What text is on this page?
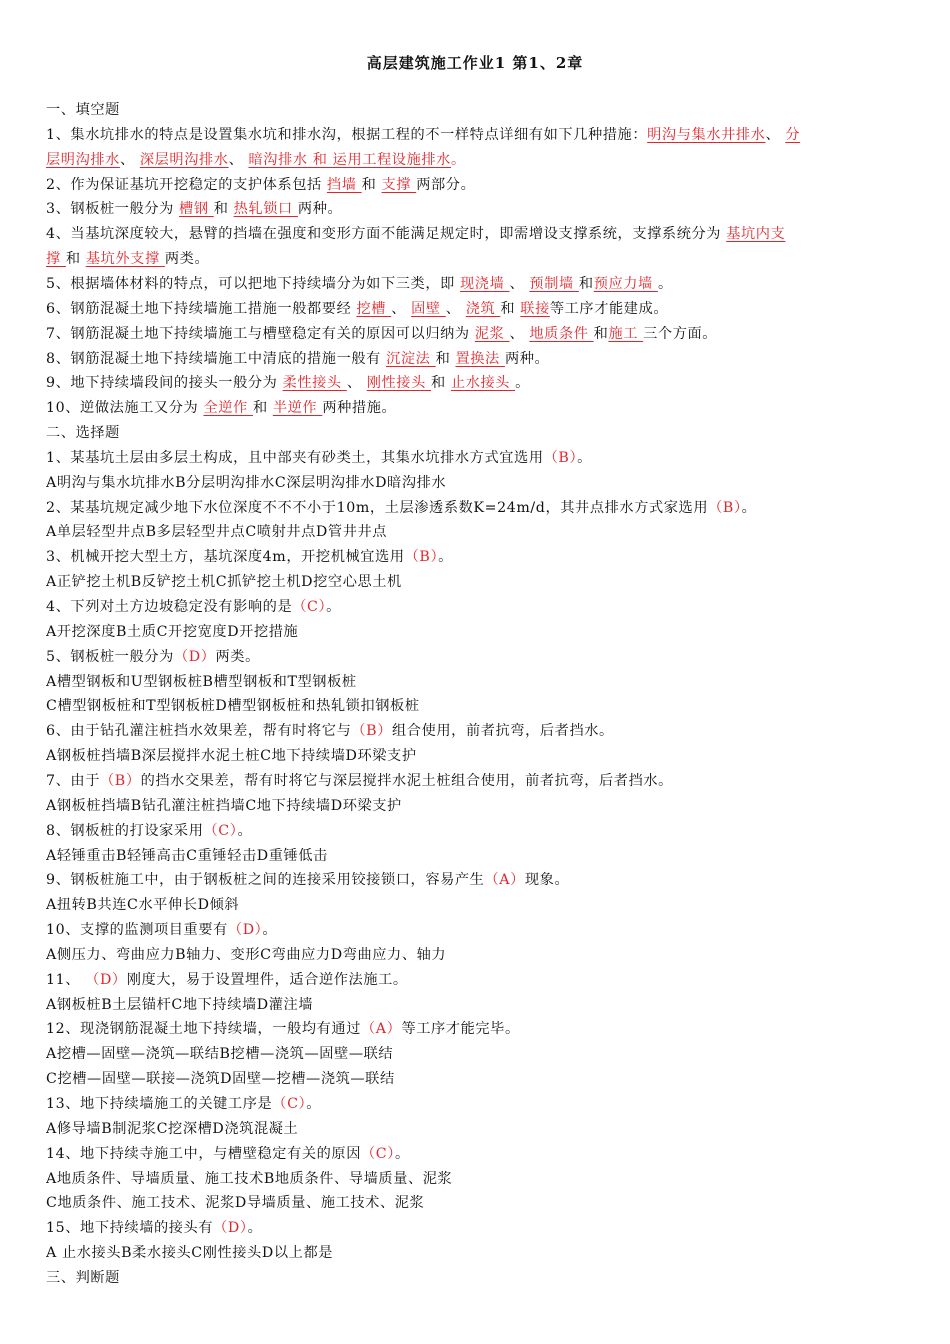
高层建筑施工作业1 第1、2章
一、填空题
1、集水坑排水的特点是设置集水坑和排水沟，根据工程的不一样特点详细有如下几种措施：明沟与集水井排水、 分
层明沟排水、 深层明沟排水、 暗沟排水 和 运用工程设施排水。
2、作为保证基坑开挖稳定的支护体系包括 挡墙 和 支撑 两部分。
3、钢板桩一般分为 槽钢 和 热轧锁口 两种。
4、当基坑深度较大，悬臂的挡墙在强度和变形方面不能满足规定时，即需增设支撑系统，支撑系统分为 基坑内支
撑 和 基坑外支撑 两类。
5、根据墙体材料的特点，可以把地下持续墙分为如下三类，即 现浇墙 、 预制墙 和预应力墙 。
6、钢筋混凝土地下持续墙施工措施一般都要经 挖槽 、 固壁 、 浇筑 和 联接等工序才能建成。
7、钢筋混凝土地下持续墙施工与槽壁稳定有关的原因可以归纳为 泥浆 、 地质条件 和施工 三个方面。
8、钢筋混凝土地下持续墙施工中清底的措施一般有 沉淀法 和 置换法 两种。
9、地下持续墙段间的接头一般分为 柔性接头 、 刚性接头 和 止水接头 。
10、逆做法施工又分为 全逆作 和 半逆作 两种措施。
二、选择题
1、某基坑土层由多层土构成，且中部夹有砂类土，其集水坑排水方式宜选用（B）。
A明沟与集水坑排水B分层明沟排水C深层明沟排水D暗沟排水
2、某基坑规定减少地下水位深度不不不小于10m，土层渗透系数K=24m/d，其井点排水方式家选用（B）。
A单层轻型井点B多层轻型井点C喷射井点D管井井点
3、机械开挖大型土方，基坑深度4m，开挖机械宜选用（B）。
A正铲挖土机B反铲挖土机C抓铲挖土机D挖空心思土机
4、下列对土方边坡稳定没有影响的是（C）。
A开挖深度B土质C开挖宽度D开挖措施
5、钢板桩一般分为（D）两类。
A槽型钢板和U型钢板桩B槽型钢板和T型钢板桩
C槽型钢板桩和T型钢板桩D槽型钢板桩和热轧锁扣钢板桩
6、由于钻孔灌注桩挡水效果差，帮有时将它与（B）组合使用，前者抗弯，后者挡水。
A钢板桩挡墙B深层搅拌水泥土桩C地下持续墙D环梁支护
7、由于（B）的挡水交果差，帮有时将它与深层搅拌水泥土桩组合使用，前者抗弯，后者挡水。
A钢板桩挡墙B钻孔灌注桩挡墙C地下持续墙D环梁支护
8、钢板桩的打设家采用（C）。
A轻锤重击B轻锤高击C重锤轻击D重锤低击
9、钢板桩施工中，由于钢板桩之间的连接采用铰接锁口，容易产生（A）现象。
A扭转B共连C水平伸长D倾斜
10、支撑的监测项目重要有（D）。
A侧压力、弯曲应力B轴力、变形C弯曲应力D弯曲应力、轴力
11、 （D）刚度大，易于设置埋件，适合逆作法施工。
A钢板桩B土层锚杆C地下持续墙D灌注墙
12、现浇钢筋混凝土地下持续墙，一般均有通过（A）等工序才能完毕。
A挖槽—固壁—浇筑—联结B挖槽—浇筑—固壁—联结
C挖槽—固壁—联接—浇筑D固壁—挖槽—浇筑—联结
13、地下持续墙施工的关键工序是（C）。
A修导墙B制泥浆C挖深槽D浇筑混凝土
14、地下持续寺施工中，与槽壁稳定有关的原因（C）。
A地质条件、导墙质量、施工技术B地质条件、导墙质量、泥浆
C地质条件、施工技术、泥浆D导墙质量、施工技术、泥浆
15、地下持续墙的接头有（D）。
A 止水接头B柔水接头C刚性接头D以上都是
三、判断题
